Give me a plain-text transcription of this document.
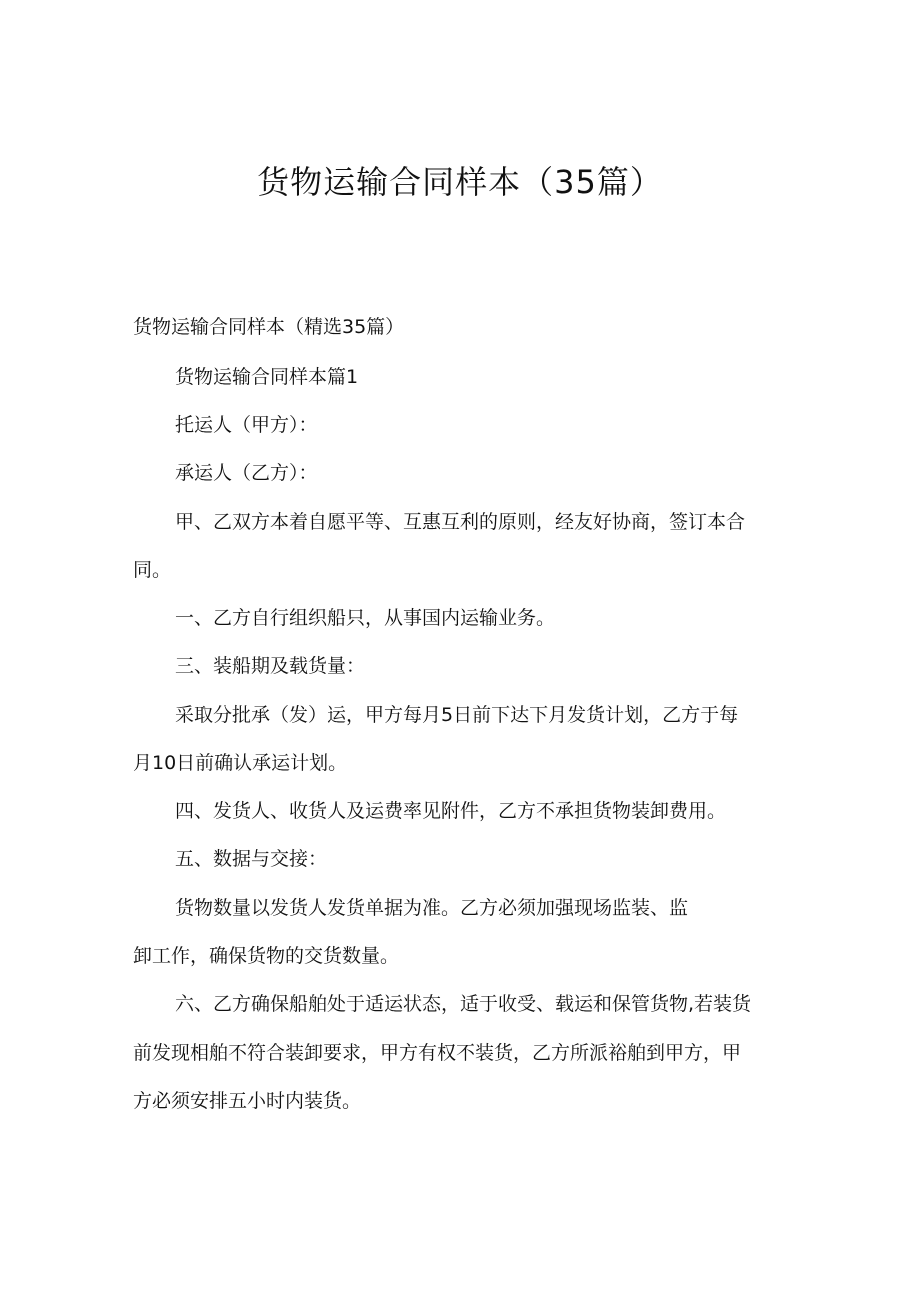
货物运输合同样本（35篇）

货物运输合同样本（精选35篇）

货物运输合同样本篇1

托运人（甲方）：

承运人（乙方）：

甲、乙双方本着自愿平等、互惠互利的原则，经友好协商，签订本合

同。

一、乙方自行组织船只，从事国内运输业务。

三、装船期及载货量：

采取分批承（发）运，甲方每月5日前下达下月发货计划，乙方于每

月10日前确认承运计划。

四、发货人、收货人及运费率见附件，乙方不承担货物装卸费用。

五、数据与交接：

货物数量以发货人发货单据为准。乙方必须加强现场监装、监

卸工作，确保货物的交货数量。

六、乙方确保船舶处于适运状态，适于收受、载运和保管货物,若装货

前发现相舶不符合装卸要求，甲方有权不装货，乙方所派裕舶到甲方，甲

方必须安排五小时内装货。
